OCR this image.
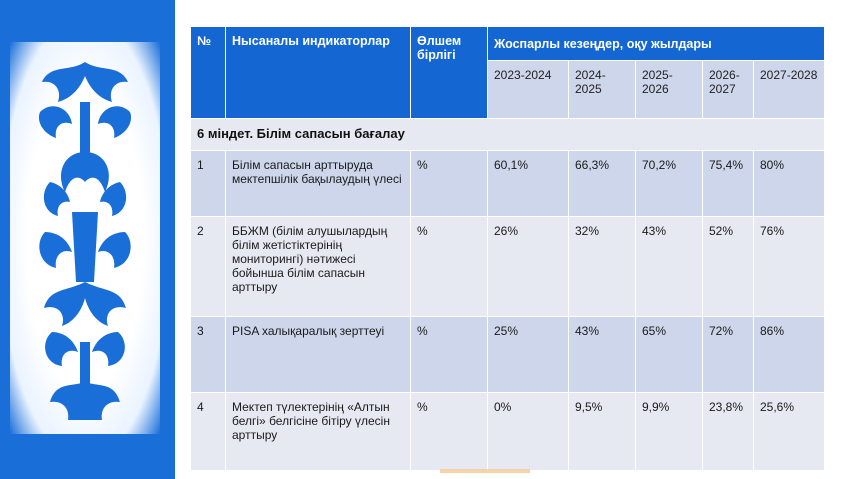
№	Нысаналы индикаторлар	Өлшем бірлігі	Жоспарлы кезеңдер, оқу жылдары				
			2023-2024	2024-2025	2025-2026	2026-2027	2027-2028
6 міндет. Білім сапасын бағалау							
1	Білім сапасын арттыруда мектепшілік бақылаудың үлесі	%	60,1%	66,3%	70,2%	75,4%	80%
2	ББЖМ (білім алушылардың білім жетістіктерінің мониторингі) нәтижесі бойынша білім сапасын арттыру	%	26%	32%	43%	52%	76%
3	PISA халықаралық зерттеуі	%	25%	43%	65%	72%	86%
4	Мектеп түлектерінің «Алтын белгі» белгісіне бітіру үлесін арттыру	%	0%	9,5%	9,9%	23,8%	25,6%
